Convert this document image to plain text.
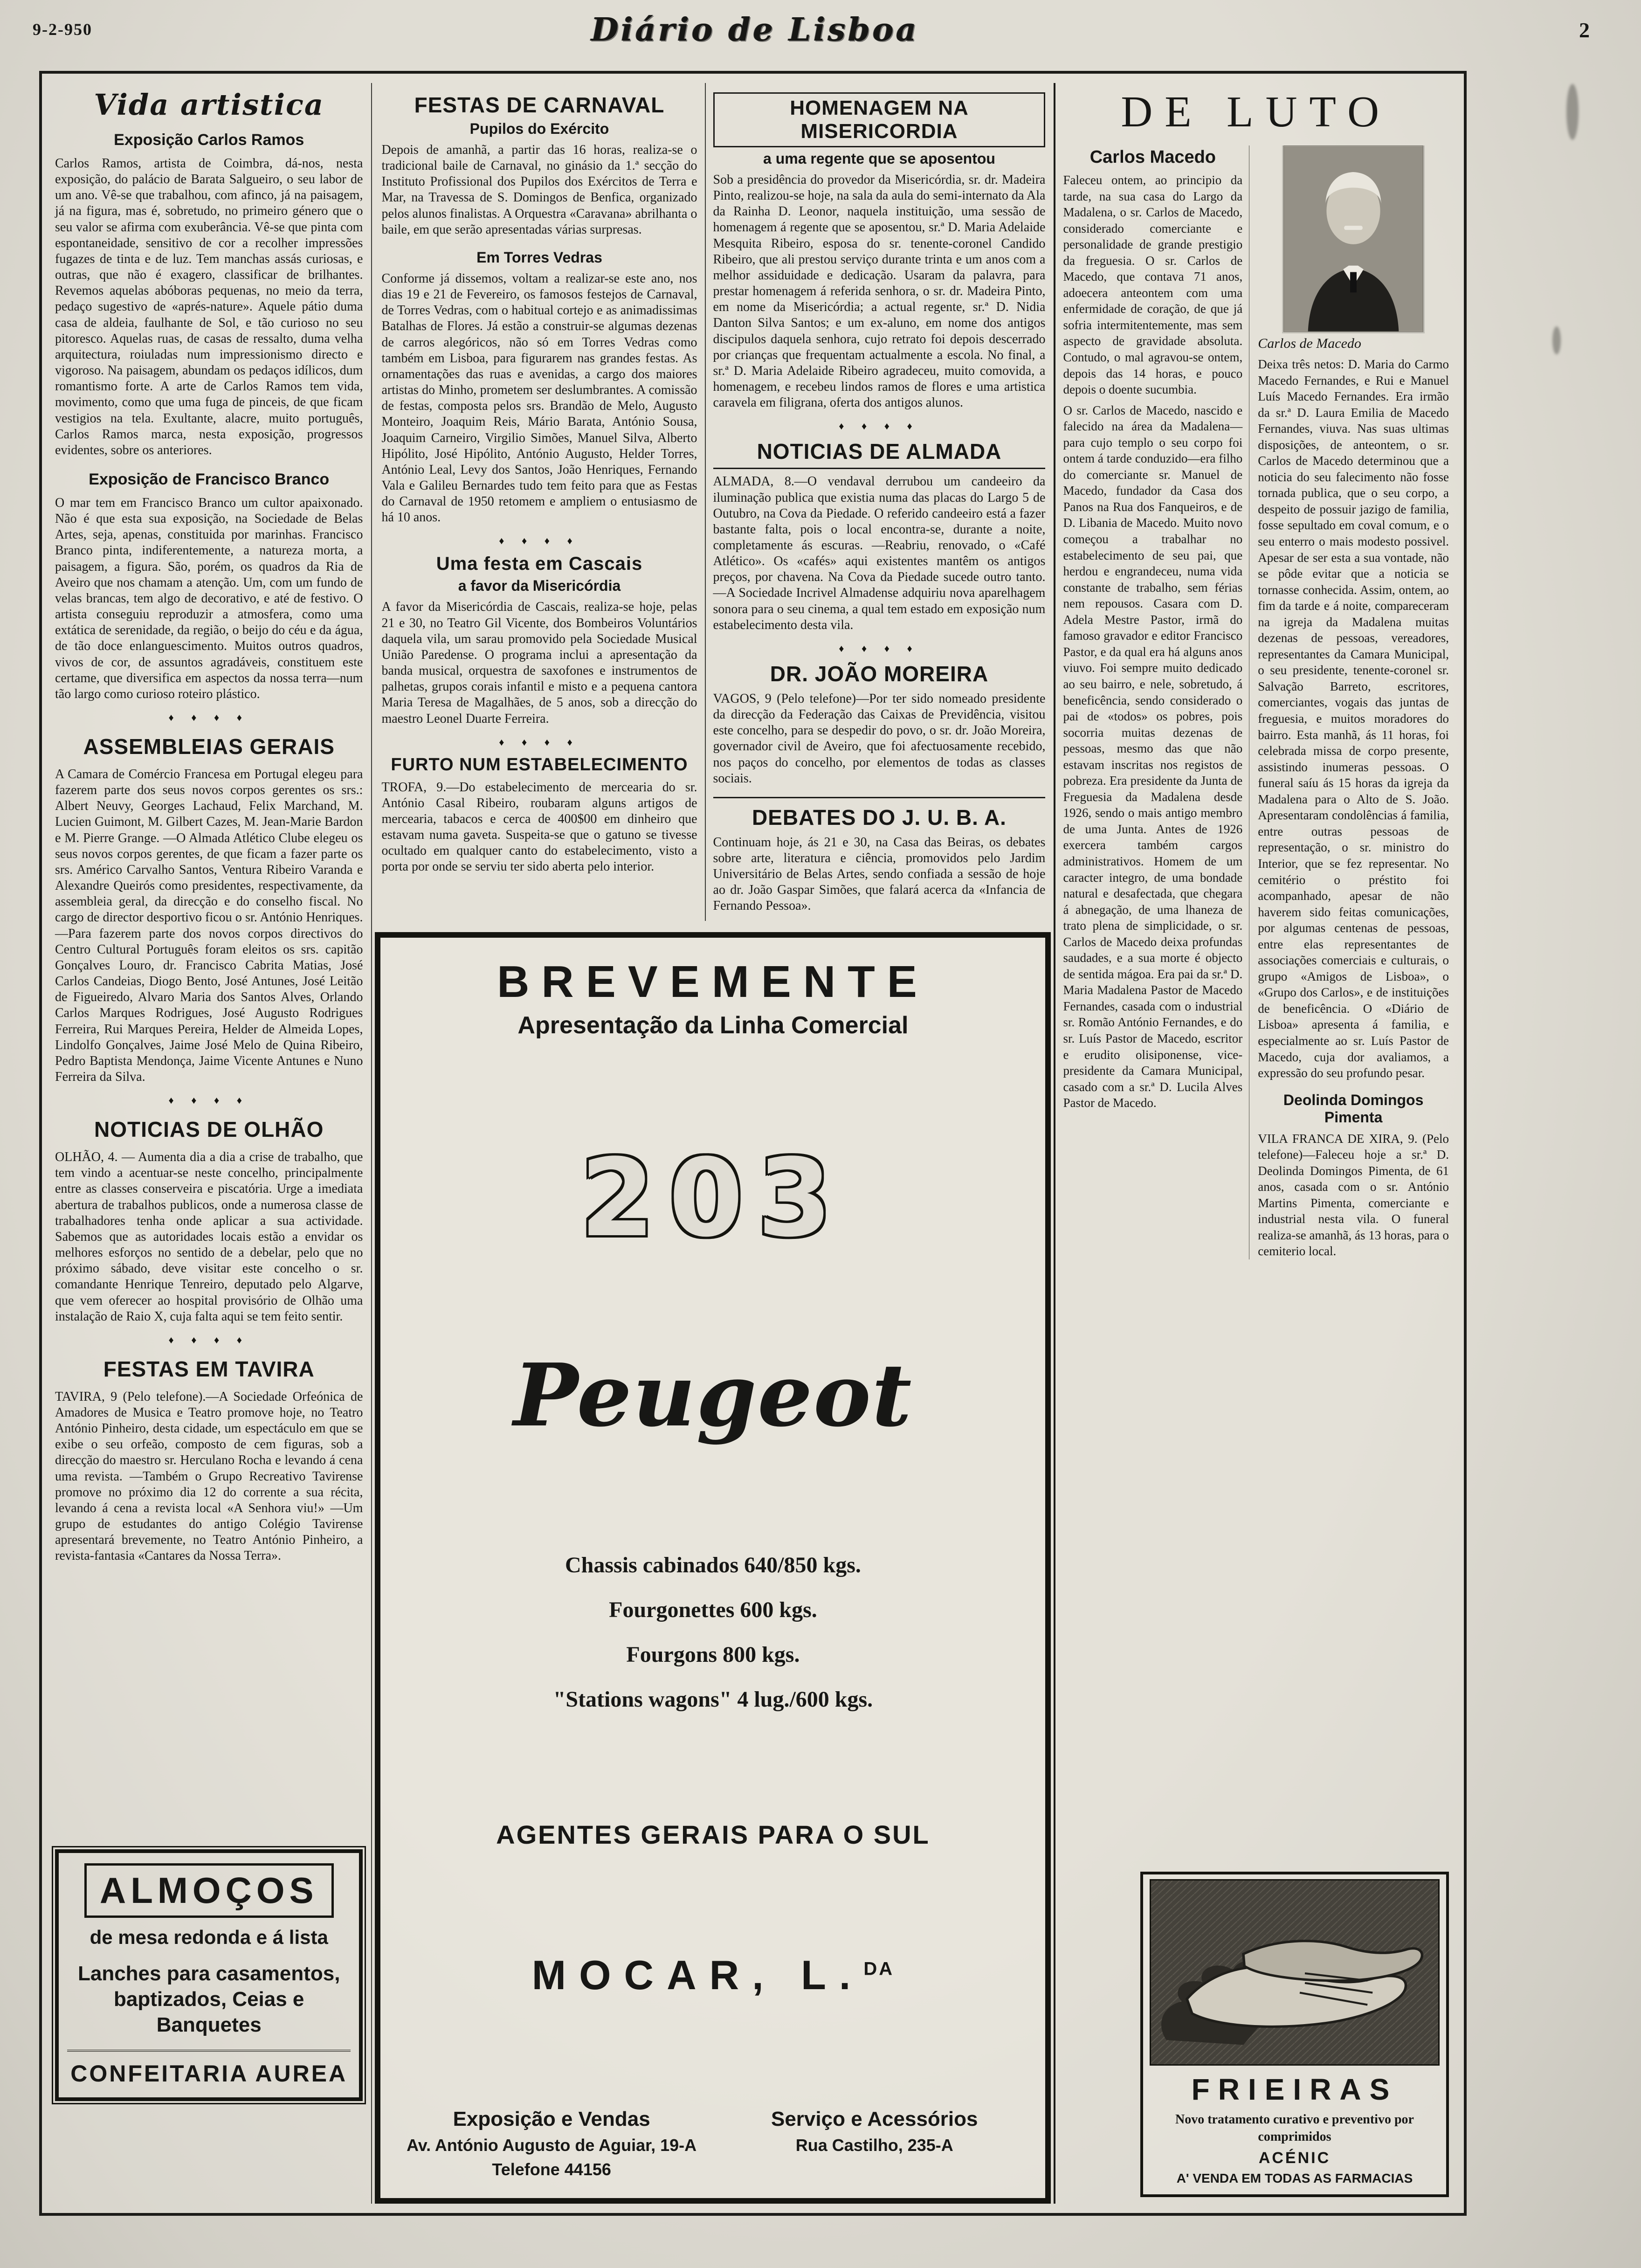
9-2-950	Diário de Lisboa	2
Vida artistica
Exposição Carlos Ramos
Carlos Ramos, artista de Coimbra, dá-nos, nesta exposição, do palácio de Barata Salgueiro, o seu labor de um ano. Vê-se que trabalhou, com afinco, já na paisagem, já na figura, mas é, sobretudo, no primeiro género que o seu valor se afirma com exuberância. Vê-se que pinta com espontaneidade, sensitivo de cor a recolher impressões fugazes de tinta e de luz. Tem manchas assás curiosas, e outras, que não é exagero, classificar de brilhantes. Revemos aquelas abóboras pequenas, no meio da terra, pedaço sugestivo de «aprés-nature». Aquele pátio duma casa de aldeia, faulhante de Sol, e tão curioso no seu pitoresco. Aquelas ruas, de casas de ressalto, duma velha arquitectura, roiuladas num impressionismo directo e vigoroso. Na paisagem, abundam os pedaços idílicos, dum romantismo forte. A arte de Carlos Ramos tem vida, movimento, como que uma fuga de pinceis, de que ficam vestigios na tela. Exultante, alacre, muito português, Carlos Ramos marca, nesta exposição, progressos evidentes, sobre os anteriores.
Exposição de Francisco Branco
O mar tem em Francisco Branco um cultor apaixonado. Não é que esta sua exposição, na Sociedade de Belas Artes, seja, apenas, constituida por marinhas. Francisco Branco pinta, indiferentemente, a natureza morta, a paisagem, a figura. São, porém, os quadros da Ria de Aveiro que nos chamam a atenção. Um, com um fundo de velas brancas, tem algo de decorativo, e até de festivo. O artista conseguiu reproduzir a atmosfera, como uma extática de serenidade, da região, o beijo do céu e da água, de tão doce enlanguescimento. Muitos outros quadros, vivos de cor, de assuntos agradáveis, constituem este certame, que diversifica em aspectos da nossa terra—num tão largo como curioso roteiro plástico.
♦ ♦ ♦ ♦
ASSEMBLEIAS GERAIS
A Camara de Comércio Francesa em Portugal elegeu para fazerem parte dos seus novos corpos gerentes os srs.: Albert Neuvy, Georges Lachaud, Felix Marchand, M. Lucien Guimont, M. Gilbert Cazes, M. Jean-Marie Bardon e M. Pierre Grange. —O Almada Atlético Clube elegeu os seus novos corpos gerentes, de que ficam a fazer parte os srs. Américo Carvalho Santos, Ventura Ribeiro Varanda e Alexandre Queirós como presidentes, respectivamente, da assembleia geral, da direcção e do conselho fiscal. No cargo de director desportivo ficou o sr. António Henriques. —Para fazerem parte dos novos corpos directivos do Centro Cultural Português foram eleitos os srs. capitão Gonçalves Louro, dr. Francisco Cabrita Matias, José Carlos Candeias, Diogo Bento, José Antunes, José Leitão de Figueiredo, Alvaro Maria dos Santos Alves, Orlando Carlos Marques Rodrigues, José Augusto Rodrigues Ferreira, Rui Marques Pereira, Helder de Almeida Lopes, Lindolfo Gonçalves, Jaime José Melo de Quina Ribeiro, Pedro Baptista Mendonça, Jaime Vicente Antunes e Nuno Ferreira da Silva.
♦ ♦ ♦ ♦
NOTICIAS DE OLHÃO
OLHÃO, 4. — Aumenta dia a dia a crise de trabalho, que tem vindo a acentuar-se neste concelho, principalmente entre as classes conserveira e piscatória. Urge a imediata abertura de trabalhos publicos, onde a numerosa classe de trabalhadores tenha onde aplicar a sua actividade. Sabemos que as autoridades locais estão a envidar os melhores esforços no sentido de a debelar, pelo que no próximo sábado, deve visitar este concelho o sr. comandante Henrique Tenreiro, deputado pelo Algarve, que vem oferecer ao hospital provisório de Olhão uma instalação de Raio X, cuja falta aqui se tem feito sentir.
♦ ♦ ♦ ♦
FESTAS EM TAVIRA
TAVIRA, 9 (Pelo telefone).—A Sociedade Orfeónica de Amadores de Musica e Teatro promove hoje, no Teatro António Pinheiro, desta cidade, um espectáculo em que se exibe o seu orfeão, composto de cem figuras, sob a direcção do maestro sr. Herculano Rocha e levando á cena uma revista. —Também o Grupo Recreativo Tavirense promove no próximo dia 12 do corrente a sua récita, levando á cena a revista local «A Senhora viu!» —Um grupo de estudantes do antigo Colégio Tavirense apresentará brevemente, no Teatro António Pinheiro, a revista-fantasia «Cantares da Nossa Terra».
ALMOÇOS
de mesa redonda e á lista
Lanches para casamentos, baptizados, Ceias e Banquetes
CONFEITARIA AUREA
FESTAS DE CARNAVAL
Pupilos do Exército
Depois de amanhã, a partir das 16 horas, realiza-se o tradicional baile de Carnaval, no ginásio da 1.ª secção do Instituto Profissional dos Pupilos dos Exércitos de Terra e Mar, na Travessa de S. Domingos de Benfica, organizado pelos alunos finalistas. A Orquestra «Caravana» abrilhanta o baile, em que serão apresentadas várias surpresas.
Em Torres Vedras
Conforme já dissemos, voltam a realizar-se este ano, nos dias 19 e 21 de Fevereiro, os famosos festejos de Carnaval, de Torres Vedras, com o habitual cortejo e as animadissimas Batalhas de Flores. Já estão a construir-se algumas dezenas de carros alegóricos, não só em Torres Vedras como também em Lisboa, para figurarem nas grandes festas. As ornamentações das ruas e avenidas, a cargo dos maiores artistas do Minho, prometem ser deslumbrantes. A comissão de festas, composta pelos srs. Brandão de Melo, Augusto Monteiro, Joaquim Reis, Mário Barata, António Sousa, Joaquim Carneiro, Virgilio Simões, Manuel Silva, Alberto Hipólito, José Hipólito, António Augusto, Helder Torres, António Leal, Levy dos Santos, João Henriques, Fernando Vala e Galileu Bernardes tudo tem feito para que as Festas do Carnaval de 1950 retomem e ampliem o entusiasmo de há 10 anos.
♦ ♦ ♦ ♦
Uma festa em Cascais
a favor da Misericórdia
A favor da Misericórdia de Cascais, realiza-se hoje, pelas 21 e 30, no Teatro Gil Vicente, dos Bombeiros Voluntários daquela vila, um sarau promovido pela Sociedade Musical União Paredense. O programa inclui a apresentação da banda musical, orquestra de saxofones e instrumentos de palhetas, grupos corais infantil e misto e a pequena cantora Maria Teresa de Magalhães, de 5 anos, sob a direcção do maestro Leonel Duarte Ferreira.
♦ ♦ ♦ ♦
FURTO NUM ESTABELECIMENTO
TROFA, 9.—Do estabelecimento de mercearia do sr. António Casal Ribeiro, roubaram alguns artigos de mercearia, tabacos e cerca de 400$00 em dinheiro que estavam numa gaveta. Suspeita-se que o gatuno se tivesse ocultado em qualquer canto do estabelecimento, visto a porta por onde se serviu ter sido aberta pelo interior.
HOMENAGEM NA MISERICORDIA
a uma regente que se aposentou
Sob a presidência do provedor da Misericórdia, sr. dr. Madeira Pinto, realizou-se hoje, na sala da aula do semi-internato da Ala da Rainha D. Leonor, naquela instituição, uma sessão de homenagem á regente que se aposentou, sr.ª D. Maria Adelaide Mesquita Ribeiro, esposa do sr. tenente-coronel Candido Ribeiro, que ali prestou serviço durante trinta e um anos com a melhor assiduidade e dedicação. Usaram da palavra, para prestar homenagem á referida senhora, o sr. dr. Madeira Pinto, em nome da Misericórdia; a actual regente, sr.ª D. Nidia Danton Silva Santos; e um ex-aluno, em nome dos antigos discipulos daquela senhora, cujo retrato foi depois descerrado por crianças que frequentam actualmente a escola. No final, a sr.ª D. Maria Adelaide Ribeiro agradeceu, muito comovida, a homenagem, e recebeu lindos ramos de flores e uma artistica caravela em filigrana, oferta dos antigos alunos.
♦ ♦ ♦ ♦
NOTICIAS DE ALMADA
ALMADA, 8.—O vendaval derrubou um candeeiro da iluminação publica que existia numa das placas do Largo 5 de Outubro, na Cova da Piedade. O referido candeeiro está a fazer bastante falta, pois o local encontra-se, durante a noite, completamente ás escuras. —Reabriu, renovado, o «Café Atlético». Os «cafés» aqui existentes mantêm os antigos preços, por chavena. Na Cova da Piedade sucede outro tanto. —A Sociedade Incrivel Almadense adquiriu nova aparelhagem sonora para o seu cinema, a qual tem estado em exposição num estabelecimento desta vila.
♦ ♦ ♦ ♦
DR. JOÃO MOREIRA
VAGOS, 9 (Pelo telefone)—Por ter sido nomeado presidente da direcção da Federação das Caixas de Previdência, visitou este concelho, para se despedir do povo, o sr. dr. João Moreira, governador civil de Aveiro, que foi afectuosamente recebido, nos paços do concelho, por elementos de todas as classes sociais.
DEBATES DO J. U. B. A.
Continuam hoje, ás 21 e 30, na Casa das Beiras, os debates sobre arte, literatura e ciência, promovidos pelo Jardim Universitário de Belas Artes, sendo confiada a sessão de hoje ao dr. João Gaspar Simões, que falará acerca da «Infancia de Fernando Pessoa».
BREVEMENTE
Apresentação da Linha Comercial
203
Peugeot
Chassis cabinados 640/850 kgs.
Fourgonettes 600 kgs.
Fourgons 800 kgs.
"Stations wagons" 4 lug./600 kgs.
AGENTES GERAIS PARA O SUL
MOCAR, L.$^{DA}$
Exposição e Vendas
Av. António Augusto de Aguiar, 19-A
Telefone 44156
Serviço e Acessórios
Rua Castilho, 235-A
DE LUTO
Carlos Macedo
Faleceu ontem, ao principio da tarde, na sua casa do Largo da Madalena, o sr. Carlos de Macedo, considerado comerciante e personalidade de grande prestigio da freguesia. O sr. Carlos de Macedo, que contava 71 anos, adoecera anteontem com uma enfermidade de coração, de que já sofria intermitentemente, mas sem aspecto de gravidade absoluta. Contudo, o mal agravou-se ontem, depois das 14 horas, e pouco depois o doente sucumbia.
O sr. Carlos de Macedo, nascido e falecido na área da Madalena—para cujo templo o seu corpo foi ontem á tarde conduzido—era filho do comerciante sr. Manuel de Macedo, fundador da Casa dos Panos na Rua dos Fanqueiros, e de D. Libania de Macedo. Muito novo começou a trabalhar no estabelecimento de seu pai, que herdou e engrandeceu, numa vida constante de trabalho, sem férias nem repousos. Casara com D. Adela Mestre Pastor, irmã do famoso gravador e editor Francisco Pastor, e da qual era há alguns anos viuvo. Foi sempre muito dedicado ao seu bairro, e nele, sobretudo, á beneficência, sendo considerado o pai de «todos» os pobres, pois socorria muitas dezenas de pessoas, mesmo das que não estavam inscritas nos registos de pobreza. Era presidente da Junta de Freguesia da Madalena desde 1926, sendo o mais antigo membro de uma Junta. Antes de 1926 exercera também cargos administrativos. Homem de um caracter integro, de uma bondade natural e desafectada, que chegara á abnegação, de uma lhaneza de trato plena de simplicidade, o sr. Carlos de Macedo deixa profundas saudades, e a sua morte é objecto de sentida mágoa. Era pai da sr.ª D. Maria Madalena Pastor de Macedo Fernandes, casada com o industrial sr. Romão António Fernandes, e do sr. Luís Pastor de Macedo, escritor e erudito olisiponense, vice-presidente da Camara Municipal, casado com a sr.ª D. Lucila Alves Pastor de Macedo.
Carlos de Macedo
Deixa três netos: D. Maria do Carmo Macedo Fernandes, e Rui e Manuel Luís Macedo Fernandes. Era irmão da sr.ª D. Laura Emilia de Macedo Fernandes, viuva. Nas suas ultimas disposições, de anteontem, o sr. Carlos de Macedo determinou que a noticia do seu falecimento não fosse tornada publica, que o seu corpo, a despeito de possuir jazigo de familia, fosse sepultado em coval comum, e o seu enterro o mais modesto possivel. Apesar de ser esta a sua vontade, não se pôde evitar que a noticia se tornasse conhecida. Assim, ontem, ao fim da tarde e á noite, compareceram na igreja da Madalena muitas dezenas de pessoas, vereadores, representantes da Camara Municipal, o seu presidente, tenente-coronel sr. Salvação Barreto, escritores, comerciantes, vogais das juntas de freguesia, e muitos moradores do bairro. Esta manhã, ás 11 horas, foi celebrada missa de corpo presente, assistindo inumeras pessoas. O funeral saíu ás 15 horas da igreja da Madalena para o Alto de S. João. Apresentaram condolências á familia, entre outras pessoas de representação, o sr. ministro do Interior, que se fez representar. No cemitério o préstito foi acompanhado, apesar de não haverem sido feitas comunicações, por algumas centenas de pessoas, entre elas representantes de associações comerciais e culturais, o grupo «Amigos de Lisboa», o «Grupo dos Carlos», e de instituições de beneficência. O «Diário de Lisboa» apresenta á familia, e especialmente ao sr. Luís Pastor de Macedo, cuja dor avaliamos, a expressão do seu profundo pesar.
Deolinda Domingos Pimenta
VILA FRANCA DE XIRA, 9. (Pelo telefone)—Faleceu hoje a sr.ª D. Deolinda Domingos Pimenta, de 61 anos, casada com o sr. António Martins Pimenta, comerciante e industrial nesta vila. O funeral realiza-se amanhã, ás 13 horas, para o cemiterio local.
FRIEIRAS
Novo tratamento curativo e preventivo por comprimidos
ACÉNIC
A' VENDA EM TODAS AS FARMACIAS
